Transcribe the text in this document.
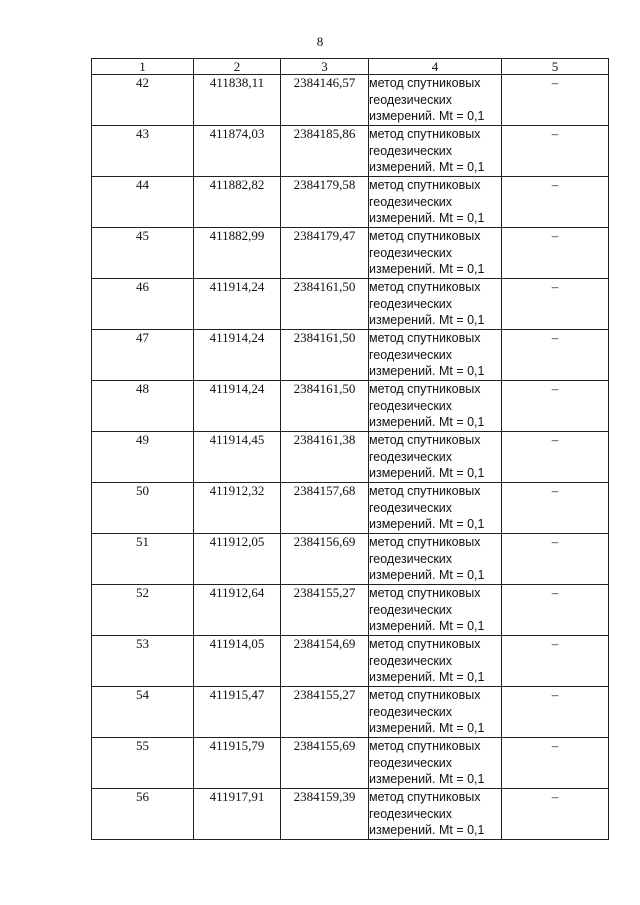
8
1	2	3	4	5
42	411838,11	2384146,57	метод спутниковых
геодезических
измерений. Mt = 0,1	–
43	411874,03	2384185,86	метод спутниковых
геодезических
измерений. Mt = 0,1	–
44	411882,82	2384179,58	метод спутниковых
геодезических
измерений. Mt = 0,1	–
45	411882,99	2384179,47	метод спутниковых
геодезических
измерений. Mt = 0,1	–
46	411914,24	2384161,50	метод спутниковых
геодезических
измерений. Mt = 0,1	–
47	411914,24	2384161,50	метод спутниковых
геодезических
измерений. Mt = 0,1	–
48	411914,24	2384161,50	метод спутниковых
геодезических
измерений. Mt = 0,1	–
49	411914,45	2384161,38	метод спутниковых
геодезических
измерений. Mt = 0,1	–
50	411912,32	2384157,68	метод спутниковых
геодезических
измерений. Mt = 0,1	–
51	411912,05	2384156,69	метод спутниковых
геодезических
измерений. Mt = 0,1	–
52	411912,64	2384155,27	метод спутниковых
геодезических
измерений. Mt = 0,1	–
53	411914,05	2384154,69	метод спутниковых
геодезических
измерений. Mt = 0,1	–
54	411915,47	2384155,27	метод спутниковых
геодезических
измерений. Mt = 0,1	–
55	411915,79	2384155,69	метод спутниковых
геодезических
измерений. Mt = 0,1	–
56	411917,91	2384159,39	метод спутниковых
геодезических
измерений. Mt = 0,1	–
